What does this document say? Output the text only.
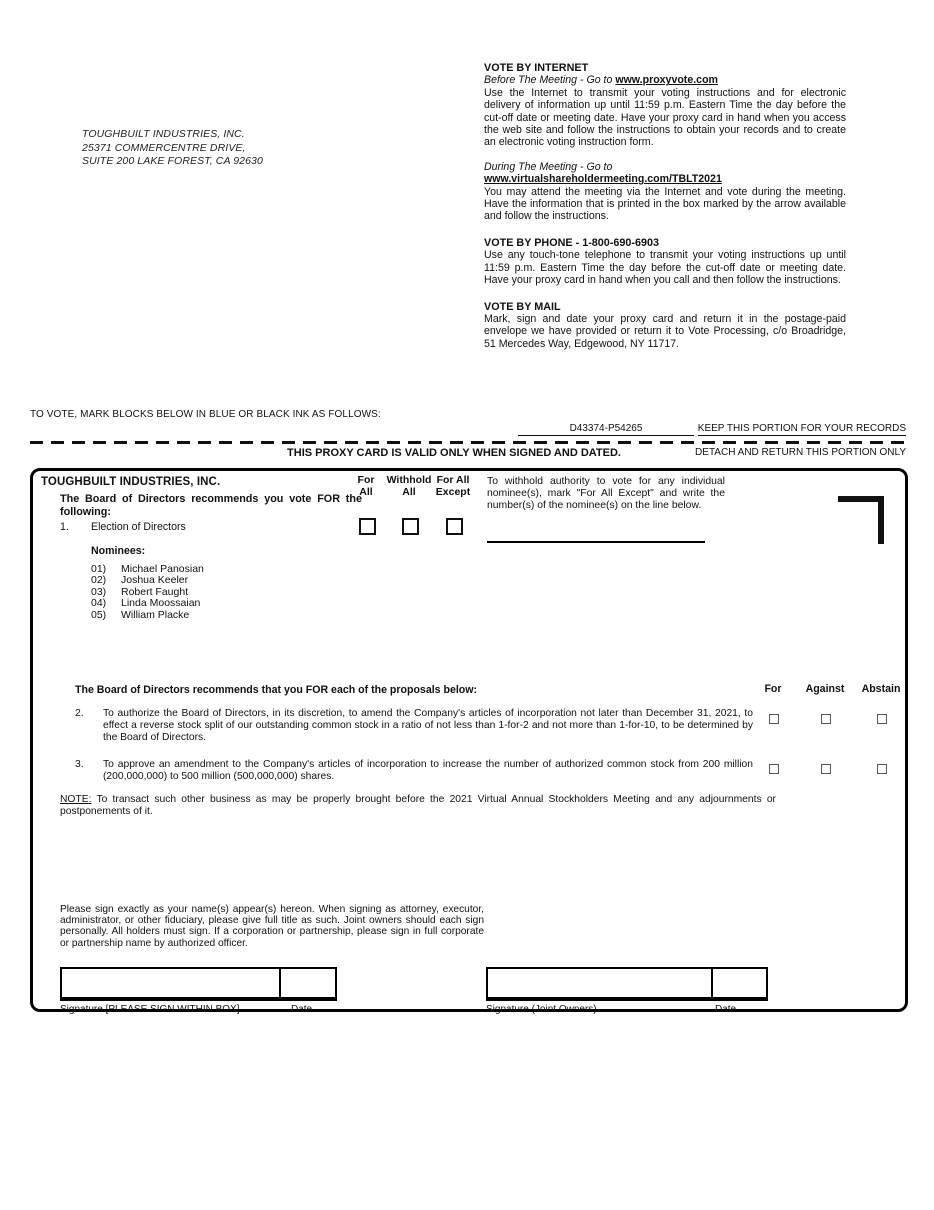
TOUGHBUILT INDUSTRIES, INC.
25371 COMMERCENTRE DRIVE,
SUITE 200 LAKE FOREST, CA 92630
VOTE BY INTERNET
Before The Meeting - Go to www.proxyvote.com

Use the Internet to transmit your voting instructions and for electronic delivery of information up until 11:59 p.m. Eastern Time the day before the cut-off date or meeting date. Have your proxy card in hand when you access the web site and follow the instructions to obtain your records and to create an electronic voting instruction form.

During The Meeting - Go to www.virtualshareholdermeeting.com/TBLT2021

You may attend the meeting via the Internet and vote during the meeting. Have the information that is printed in the box marked by the arrow available and follow the instructions.

VOTE BY PHONE - 1-800-690-6903

Use any touch-tone telephone to transmit your voting instructions up until 11:59 p.m. Eastern Time the day before the cut-off date or meeting date. Have your proxy card in hand when you call and then follow the instructions.

VOTE BY MAIL

Mark, sign and date your proxy card and return it in the postage-paid envelope we have provided or return it to Vote Processing, c/o Broadridge, 51 Mercedes Way, Edgewood, NY 11717.

TO VOTE, MARK BLOCKS BELOW IN BLUE OR BLACK INK AS FOLLOWS:
D43374-P54265	KEEP THIS PORTION FOR YOUR RECORDS
THIS PROXY CARD IS VALID ONLY WHEN SIGNED AND DATED.	DETACH AND RETURN THIS PORTION ONLY
TOUGHBUILT INDUSTRIES, INC.
The Board of Directors recommends you vote FOR the following:
For
All
Withhold
All
For All
Except
To withhold authority to vote for any individual nominee(s), mark "For All Except" and write the number(s) of the nominee(s) on the line below.
1. Election of Directors
Nominees:
01) Michael Panosian
02) Joshua Keeler
03) Robert Faught
04) Linda Moossaian
05) William Placke
The Board of Directors recommends that you FOR each of the proposals below:	For	Against	Abstain
2. To authorize the Board of Directors, in its discretion, to amend the Company's articles of incorporation not later than December 31, 2021, to effect a reverse stock split of our outstanding common stock in a ratio of not less than 1-for-2 and not more than 1-for-10, to be determined by the Board of Directors.
3. To approve an amendment to the Company's articles of incorporation to increase the number of authorized common stock from 200 million (200,000,000) to 500 million (500,000,000) shares.
NOTE: To transact such other business as may be properly brought before the 2021 Virtual Annual Stockholders Meeting and any adjournments or postponements of it.
Please sign exactly as your name(s) appear(s) hereon. When signing as attorney, executor, administrator, or other fiduciary, please give full title as such. Joint owners should each sign personally. All holders must sign. If a corporation or partnership, please sign in full corporate or partnership name by authorized officer.
Signature [PLEASE SIGN WITHIN BOX]	Date	Signature (Joint Owners)	Date
